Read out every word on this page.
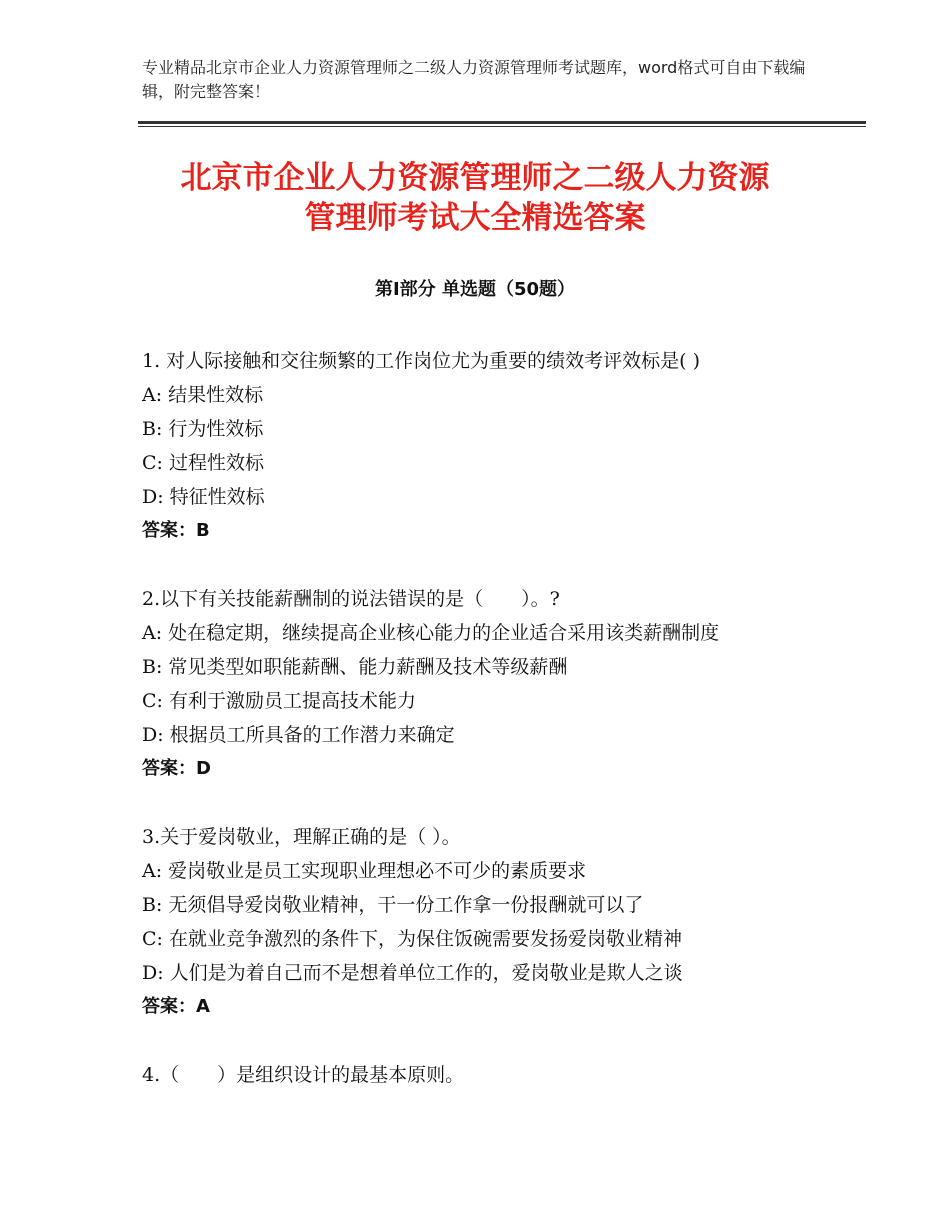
专业精品北京市企业人力资源管理师之二级人力资源管理师考试题库，word格式可自由下载编辑，附完整答案！
北京市企业人力资源管理师之二级人力资源
管理师考试大全精选答案
第Ⅰ部分 单选题（50题）
1. 对人际接触和交往频繁的工作岗位尤为重要的绩效考评效标是( )
A: 结果性效标
B: 行为性效标
C: 过程性效标
D: 特征性效标
答案：B
2.以下有关技能薪酬制的说法错误的是（　　）。?
A: 处在稳定期，继续提高企业核心能力的企业适合采用该类薪酬制度
B: 常见类型如职能薪酬、能力薪酬及技术等级薪酬
C: 有利于激励员工提高技术能力
D: 根据员工所具备的工作潜力来确定
答案：D
3.关于爱岗敬业，理解正确的是（ ）。
A: 爱岗敬业是员工实现职业理想必不可少的素质要求
B: 无须倡导爱岗敬业精神，干一份工作拿一份报酬就可以了
C: 在就业竞争激烈的条件下，为保住饭碗需要发扬爱岗敬业精神
D: 人们是为着自己而不是想着单位工作的，爱岗敬业是欺人之谈
答案：A
4.（　　）是组织设计的最基本原则。
